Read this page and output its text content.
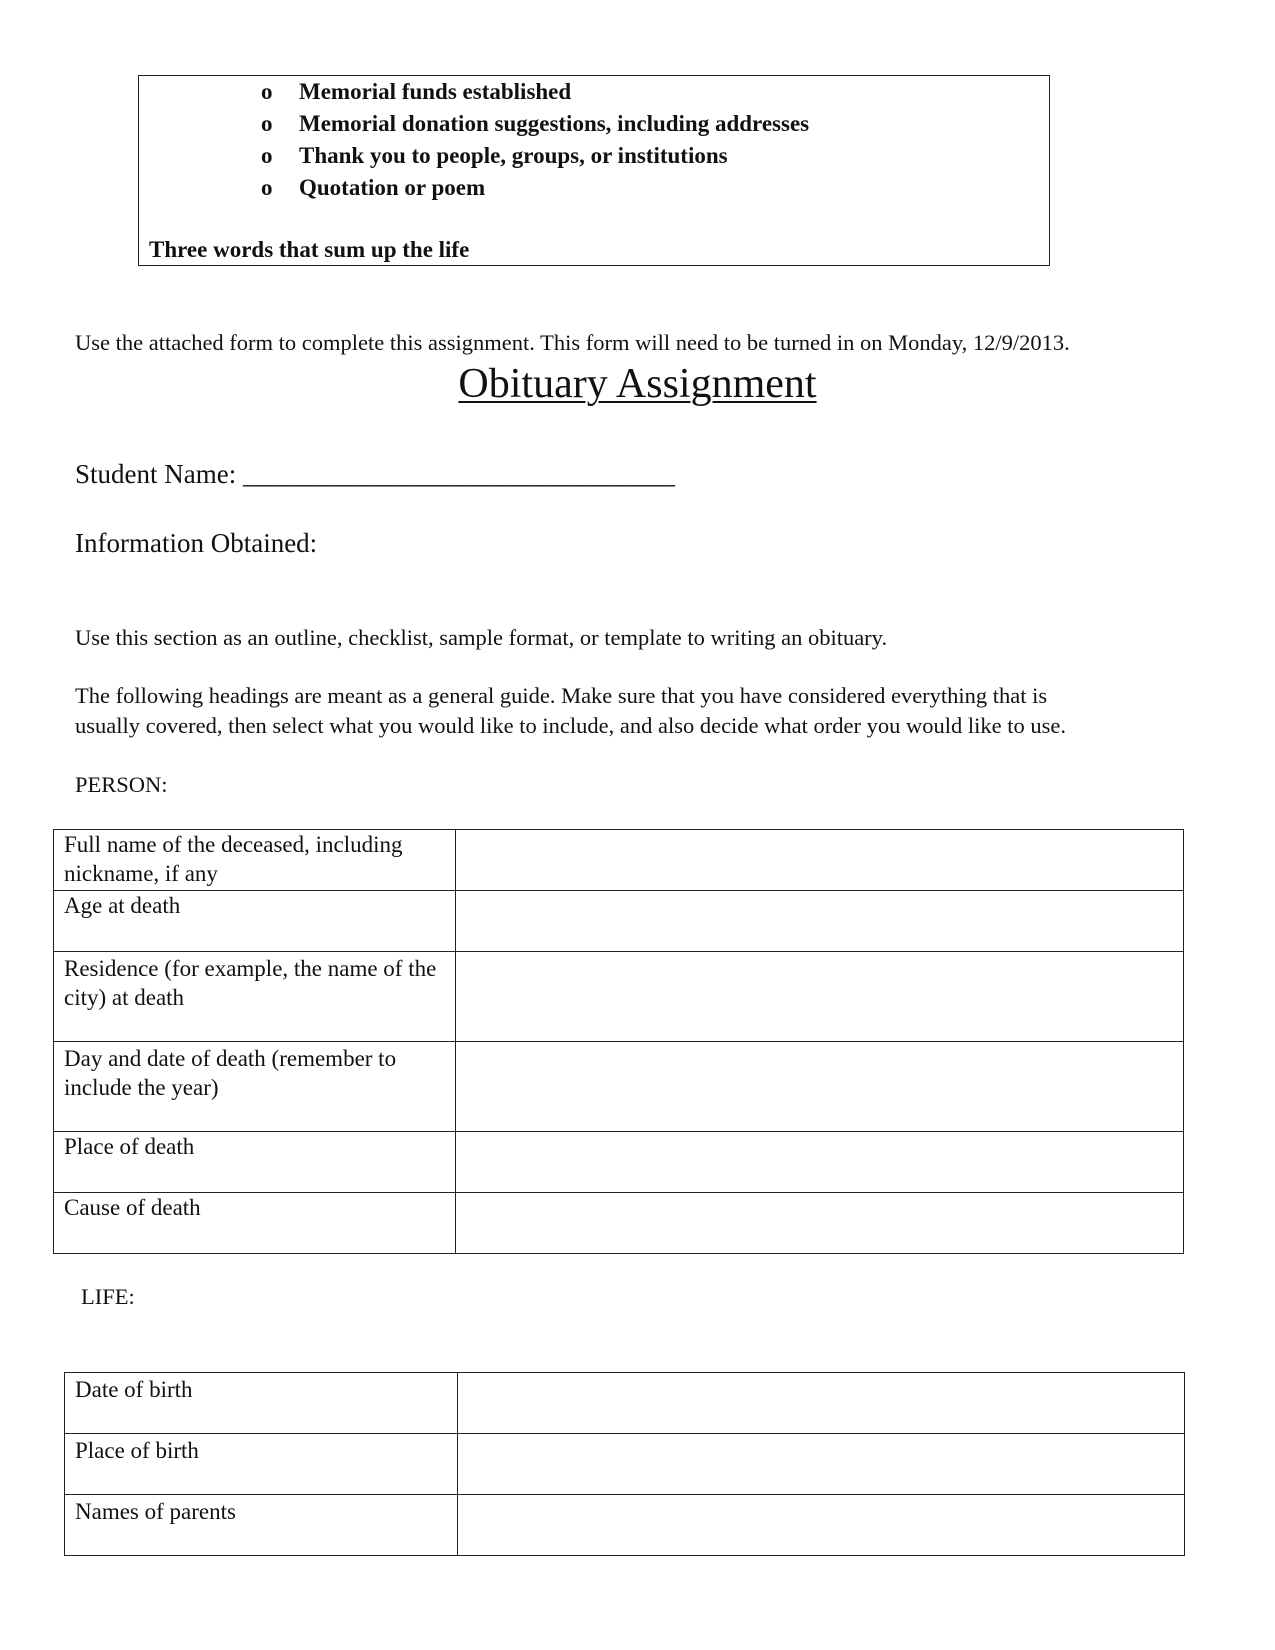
o Memorial funds established
o Memorial donation suggestions, including addresses
o Thank you to people, groups, or institutions
o Quotation or poem
Three words that sum up the life
Use the attached form to complete this assignment. This form will need to be turned in on Monday, 12/9/2013.
Obituary Assignment
Student Name: ________________________________
Information Obtained:
Use this section as an outline, checklist, sample format, or template to writing an obituary.
The following headings are meant as a general guide. Make sure that you have considered everything that is
usually covered, then select what you would like to include, and also decide what order you would like to use.
PERSON:
Full name of the deceased, including nickname, if any	
Age at death	
Residence (for example, the name of the city) at death	
Day and date of death (remember to include the year)	
Place of death	
Cause of death	
LIFE:
Date of birth	
Place of birth	
Names of parents	
